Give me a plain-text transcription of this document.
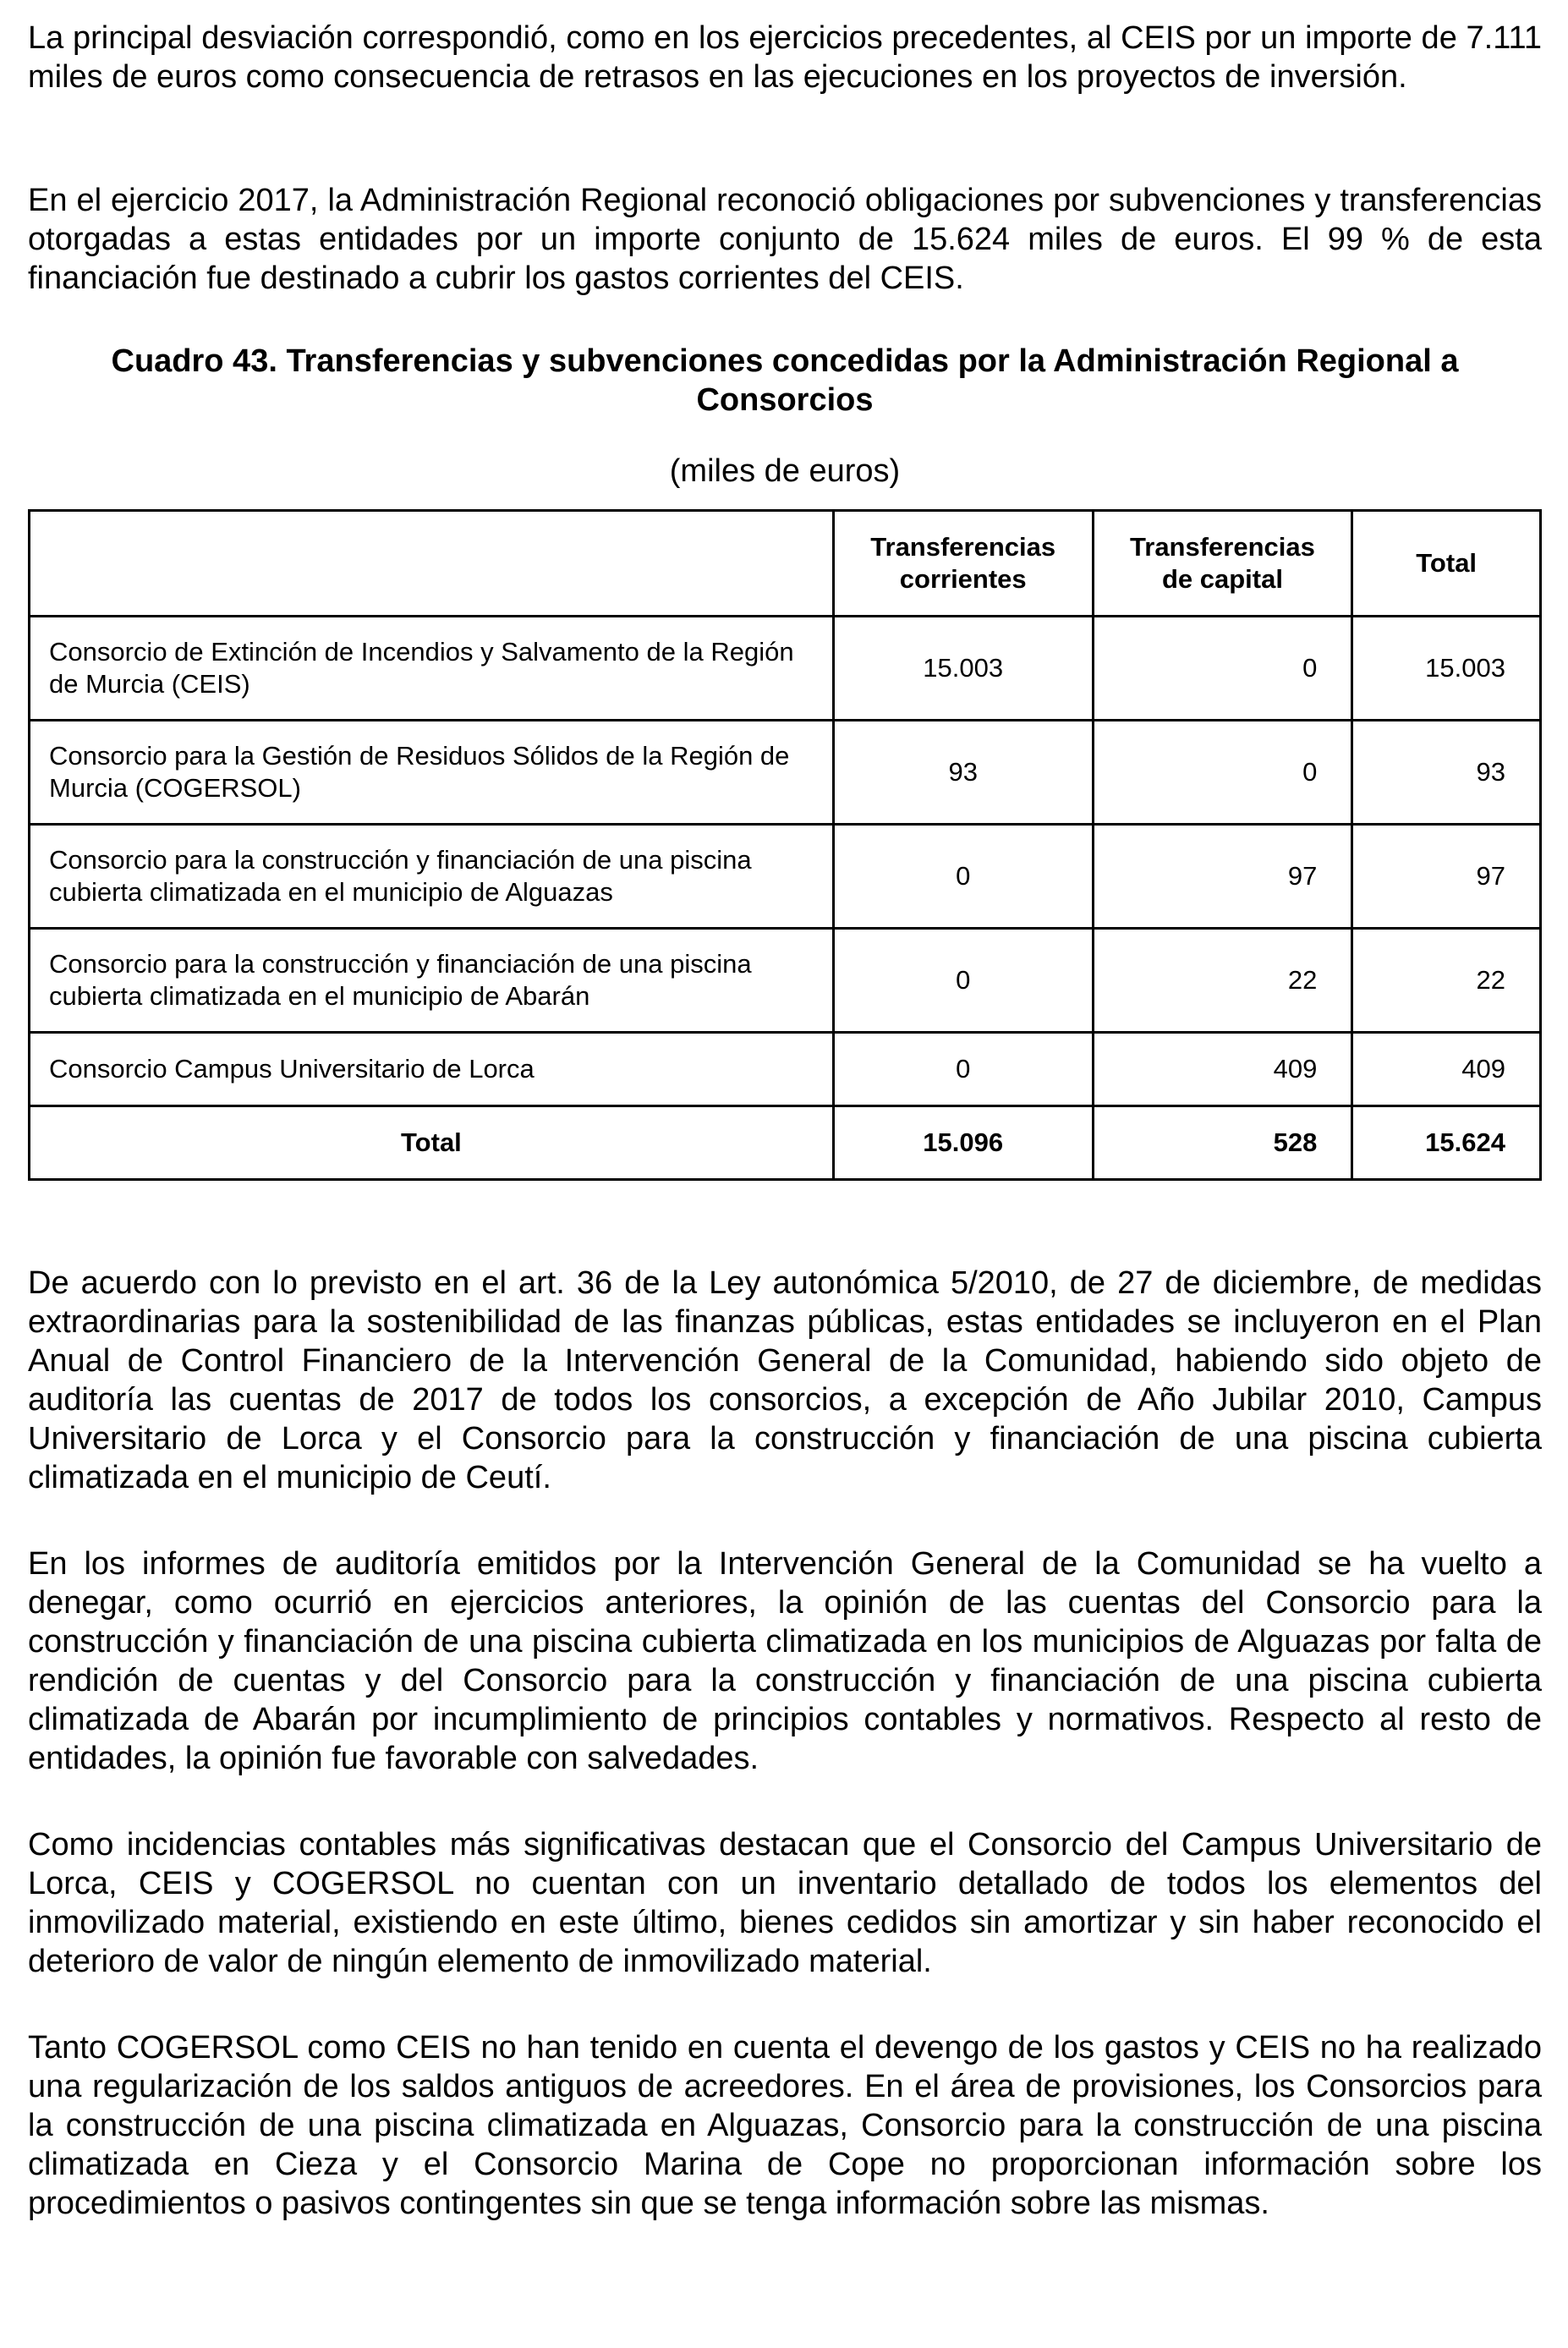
La principal desviación correspondió, como en los ejercicios precedentes, al CEIS por un importe de 7.111 miles de euros como consecuencia de retrasos en las ejecuciones en los proyectos de inversión.

En el ejercicio 2017, la Administración Regional reconoció obligaciones por subvenciones y transferencias otorgadas a estas entidades por un importe conjunto de 15.624 miles de euros. El 99 % de esta financiación fue destinado a cubrir los gastos corrientes del CEIS.

Cuadro 43. Transferencias y subvenciones concedidas por la Administración Regional a Consorcios

(miles de euros)

	Transferencias corrientes	Transferencias de capital	Total
Consorcio de Extinción de Incendios y Salvamento de la Región de Murcia (CEIS)	15.003	0	15.003
Consorcio para la Gestión de Residuos Sólidos de la Región de Murcia (COGERSOL)	93	0	93
Consorcio para la construcción y financiación de una piscina cubierta climatizada en el municipio de Alguazas	0	97	97
Consorcio para la construcción y financiación de una piscina cubierta climatizada en el municipio de Abarán	0	22	22
Consorcio Campus Universitario de Lorca	0	409	409
Total	15.096	528	15.624

De acuerdo con lo previsto en el art. 36 de la Ley autonómica 5/2010, de 27 de diciembre, de medidas extraordinarias para la sostenibilidad de las finanzas públicas, estas entidades se incluyeron en el Plan Anual de Control Financiero de la Intervención General de la Comunidad, habiendo sido objeto de auditoría las cuentas de 2017 de todos los consorcios, a excepción de Año Jubilar 2010, Campus Universitario de Lorca y el Consorcio para la construcción y financiación de una piscina cubierta climatizada en el municipio de Ceutí.

En los informes de auditoría emitidos por la Intervención General de la Comunidad se ha vuelto a denegar, como ocurrió en ejercicios anteriores, la opinión de las cuentas del Consorcio para la construcción y financiación de una piscina cubierta climatizada en los municipios de Alguazas por falta de rendición de cuentas y del Consorcio para la construcción y financiación de una piscina cubierta climatizada de Abarán por incumplimiento de principios contables y normativos. Respecto al resto de entidades, la opinión fue favorable con salvedades.

Como incidencias contables más significativas destacan que el Consorcio del Campus Universitario de Lorca, CEIS y COGERSOL no cuentan con un inventario detallado de todos los elementos del inmovilizado material, existiendo en este último, bienes cedidos sin amortizar y sin haber reconocido el deterioro de valor de ningún elemento de inmovilizado material.

Tanto COGERSOL como CEIS no han tenido en cuenta el devengo de los gastos y CEIS no ha realizado una regularización de los saldos antiguos de acreedores. En el área de provisiones, los Consorcios para la construcción de una piscina climatizada en Alguazas, Consorcio para la construcción de una piscina climatizada en Cieza y el Consorcio Marina de Cope no proporcionan información sobre los procedimientos o pasivos contingentes sin que se tenga información sobre las mismas.
